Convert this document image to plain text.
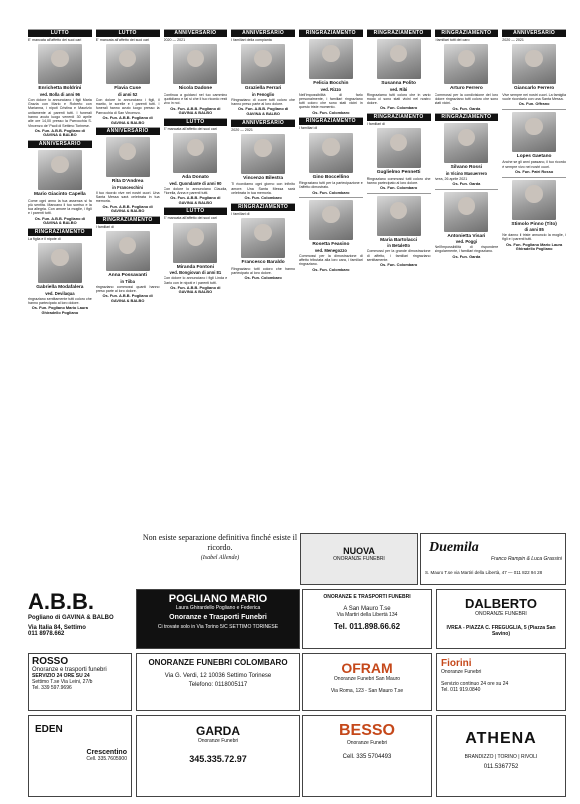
LUTTO
E' mancata all'affetto dei suoi cari
Enrichetta Boldrini
ved. Bolla di anni 96
Con dolore lo annunciano i figli Maria Grazia con Mario e Roberto con Marianna, i nipoti Cristina e Maurizio unitamente ai parenti tutti. I funerali hanno avuto luogo venerdì 30 aprile alle ore 14,00 presso la Parrocchia S. Vincenzo de' Paoli di Settimo Torinese.
Os. Fun. A.B.B. Pogliano di GAVINA & BALBO
ANNIVERSARIO
Mario Giacinto Capella
Come ogni anno la tua assenza si fa più sentita. Mancano il tuo sorriso e la tua allegria. Con amore la moglie, i figli e i parenti tutti.
Os. Fun. A.B.B. Pogliano di GAVINA & BALBO
RINGRAZIAMENTO
La figlia e il nipote di
Gabriella Modafalera
ved. Devilaqua
ringraziano sentitamente tutti coloro che hanno partecipato al loro dolore.
Os. Fun. Pogliano Mario Laura Ghiradello Pogliano
LUTTO
E' mancata all'affetto dei suoi cari
Flavia Cuse
di anni 52
Con dolore lo annunciano i figli, il marito, le sorelle e i parenti tutti. I funerali hanno avuto luogo presso la Parrocchia di San Vincenzo.
Os. Fun. A.B.B. Pogliano di GAVINA & BALBO
ANNIVERSARIO
Rita D'Andrea
in Franceschini
Il tuo ricordo vive nei nostri cuori. Una Santa Messa sarà celebrata in tua memoria.
Os. Fun. A.B.B. Pogliano di GAVINA & BALBO
RINGRAZIAMENTO
I familiari di
Anna Possavanti
in Tiiba
ringraziano commossi quanti hanno preso parte al loro dolore.
Os. Fun. A.B.B. Pogliano di GAVINA & BALBO
ANNIVERSARIO
2020 — 2021
Nicola Dadone
Continua a guidarci nel tuo cammino quotidiano e fai si che il tuo ricordo resti vivo in noi.
Os. Fun. A.B.B. Pogliano di GAVINA & BALBO
LUTTO
E' mancata all'affetto dei suoi cari
Ada Donato
ved. Quondante di anni 90
Con dolore lo annunciano Claudia, Fiorella, Anna e parenti tutti.
Os. Fun. A.B.B. Pogliano di GAVINA & BALBO
LUTTO
E' mancata all'affetto dei suoi cari
Miranda Fontoni
ved. Bongiovan di anni 81
Con dolore lo annunciano i figli Linda e Dario con le nipoti e i parenti tutti.
Os. Fun. A.B.B. Pogliano di GAVINA & BALBO
ANNIVERSARIO
I familiari della compianta
Graziella Ferrari
in Fenoglio
Ringraziano di cuore tutti coloro che hanno preso parte al loro dolore.
Os. Fun. A.B.B. Pogliano di GAVINA & BALBO
ANNIVERSARIO
2020 — 2021
Vincenzo Bilestra
Ti ricordiamo ogni giorno con infinito amore. Una Santa Messa sarà celebrata in tua memoria.
Os. Fun. Colombaro
RINGRAZIAMENTO
I familiari di
Francesco Baraldo
Ringraziano tutti coloro che hanno partecipato al loro dolore.
Os. Fun. Colombaro
RINGRAZIAMENTO
Felicia Bocchin
ved. Rizzo
Nell'impossibilità di farlo personalmente, i familiari ringraziano tutti coloro che sono stati vicini in questo triste momento.
Os. Fun. Colombaro
RINGRAZIAMENTO
I familiari di
Gino Boccellino
Ringraziano tutti per la partecipazione e l'affetto dimostrato.
Os. Fun. Colombaro
Rosetta Feasino
ved. Menegozzo
Commossi per la dimostrazione di affetto tributata alla loro cara, i familiari ringraziano.
Os. Fun. Colombaro
RINGRAZIAMENTO
Susanna Polito
ved. Ribi
Ringraziamo tutti coloro che in vario modo ci sono stati vicini nel nostro dolore.
Os. Fun. Colombaro
RINGRAZIAMENTO
I familiari di
Guglielmo Pennetti
Ringraziano commossi tutti coloro che hanno partecipato al loro dolore.
Os. Fun. Colombaro
Maria Bartolacci
in Betaletto
Commossi per la grande dimostrazione di affetto, i familiari ringraziano sentitamente.
Os. Fun. Colombaro
RINGRAZIAMENTO
I familiari tutti del caro
Arturo Ferrero
Commossi per la condivisione del loro dolore ringraziano tutti coloro che sono stati vicini.
Os. Fun. Garda
RINGRAZIAMENTO
Silvano Rossi
in Vicino Masuerrero
Ivrea, 26 aprile 2021
Os. Fun. Garda
Antonietta Visari
ved. Poggi
Nell'impossibilità di rispondere singolarmente, i familiari ringraziano.
Os. Fun. Garda
ANNIVERSARIO
2020 — 2021
Giancarlo Ferrero
Vive sempre nei nostri cuori. La famiglia vuole ricordarlo con una Santa Messa.
Os. Fun. Offrano
Lopes Gaetano
Anche se gli anni passano, il tuo ricordo è sempre vivo nei nostri cuori.
Os. Fun. Patri Rosso
Stimolo Pinno (Tito)
di anni 85
Ne danno il triste annuncio la moglie, i figli e i parenti tutti.
Os. Fun. Pogliano Mario Laura Ghiradello Pogliano
Non esiste separazione definitiva finché esiste il ricordo.
(Isabel Allende)
NUOVA
ONORANZE FUNEBRI
Duemila
Franco Rampin & Luca Grassini
S. Mauro T.se via Martiri della Libertà, 47 — 011 822 94 28
A.B.B.
Pogliano di GAVINA & BALBO
Via Italia 84, Settimo
011 8978.662
POGLIANO MARIO
Laura Ghirardello Pogliano e Federica
Onoranze e Trasporti Funebri
Ci trovate solo in Via Torino 5/C SETTIMO TORINESE
ONORANZE E TRASPORTI FUNEBRI
A San Mauro T.se
Via Martiri della Libertà 134
Tel. 011.898.66.62
DALBERTO
ONORANZE FUNEBRI
IVREA - PIAZZA C. FREGUGLIA, 5 (Piazza San Savino)
ROSSO
Onoranze e trasporti funebri
SERVIZIO 24 ORE SU 24
Settimo T.se Via Leini, 27/b
Tel. 339 597.9696
ONORANZE FUNEBRI COLOMBARO
Via G. Verdi, 12 10036 Settimo Torinese
Telefono: 0118005117
OFRAM
Onoranze Funebri San Mauro
Via Roma, 123 - San Mauro T.se
Fiorini
Onoranze Funebri
Servizio continuo 24 ore su 24
Tel. 011 919.0840
EDEN
Crescentino
Cell. 335.7605900
GARDA
Onoranze Funebri
345.335.72.97
BESSO
Onoranze Funebri
Cell. 335 5704493
ATHENA
BRANDIZZO | TORINO | RIVOLI
011.5367752
